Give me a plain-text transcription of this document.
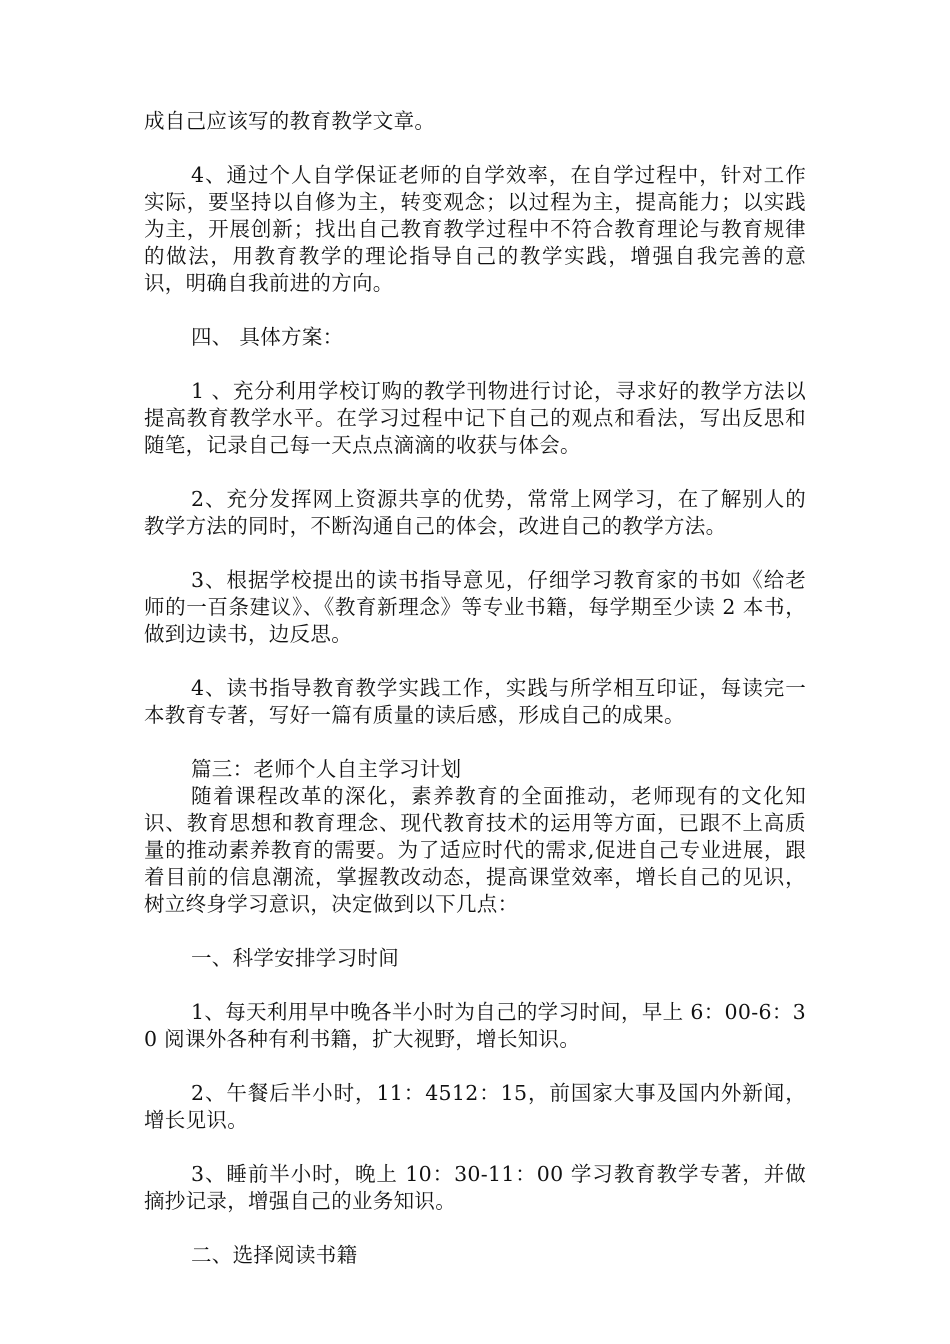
成自己应该写的教育教学文章。

4、通过个人自学保证老师的自学效率，在自学过程中，针对工作实际，要坚持以自修为主，转变观念；以过程为主，提高能力；以实践为主，开展创新；找出自己教育教学过程中不符合教育理论与教育规律的做法，用教育教学的理论指导自己的教学实践，增强自我完善的意识，明确自我前进的方向。

四、 具体方案：

1 、充分利用学校订购的教学刊物进行讨论，寻求好的教学方法以提高教育教学水平。在学习过程中记下自己的观点和看法，写出反思和随笔，记录自己每一天点点滴滴的收获与体会。

2、充分发挥网上资源共享的优势，常常上网学习，在了解别人的教学方法的同时，不断沟通自己的体会，改进自己的教学方法。

3、根据学校提出的读书指导意见，仔细学习教育家的书如《给老师的一百条建议》、《教育新理念》等专业书籍，每学期至少读 2 本书，做到边读书，边反思。

4、读书指导教育教学实践工作，实践与所学相互印证，每读完一本教育专著，写好一篇有质量的读后感，形成自己的成果。

篇三：老师个人自主学习计划

随着课程改革的深化，素养教育的全面推动，老师现有的文化知识、教育思想和教育理念、现代教育技术的运用等方面，已跟不上高质量的推动素养教育的需要。为了适应时代的需求,促进自己专业进展，跟着目前的信息潮流，掌握教改动态，提高课堂效率，增长自己的见识，树立终身学习意识，决定做到以下几点：

一、科学安排学习时间

1、每天利用早中晚各半小时为自己的学习时间，早上 6：00-6：30 阅课外各种有利书籍，扩大视野，增长知识。

2、午餐后半小时，11：4512：15，前国家大事及国内外新闻，增长见识。

3、睡前半小时，晚上 10：30-11：00 学习教育教学专著，并做摘抄记录，增强自己的业务知识。

二、选择阅读书籍
